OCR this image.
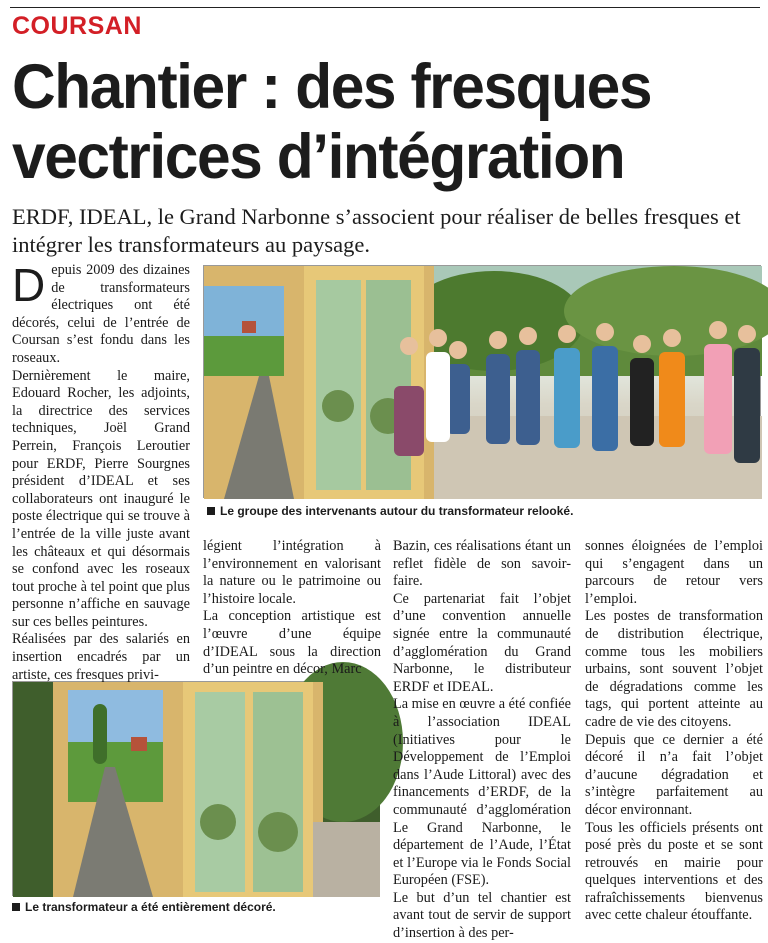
COURSAN
Chantier : des fresques vectrices d’intégration

ERDF, IDEAL, le Grand Narbonne s’associent pour réaliser de belles fresques et intégrer les transformateurs au paysage.

Le groupe des intervenants autour du transformateur relooké.
Le transformateur a été entièrement décoré.

Depuis 2009 des dizaines de transformateurs électriques ont été décorés, celui de l’entrée de Coursan s’est fondu dans les roseaux.

Dernièrement le maire, Edouard Rocher, les adjoints, la directrice des services techniques, Joël Grand Perrein, François Leroutier pour ERDF, Pierre Sourgnes président d’IDEAL et ses collaborateurs ont inauguré le poste électrique qui se trouve à l’entrée de la ville juste avant les châteaux et qui désormais se confond avec les roseaux tout proche à tel point que plus personne n’affiche en sauvage sur ces belles peintures.

Réalisées par des salariés en insertion encadrés par un artiste, ces fresques privi-

légient l’intégration à l’environnement en valorisant la nature ou le patrimoine ou l’histoire locale.

La conception artistique est l’œuvre d’une équipe d’IDEAL sous la direction d’un peintre en décor, Marc

Bazin, ces réalisations étant un reflet fidèle de son savoir-faire.

Ce partenariat fait l’objet d’une convention annuelle signée entre la communauté d’agglomération du Grand Narbonne, le distributeur ERDF et IDEAL.

La mise en œuvre a été confiée à l’association IDEAL (Initiatives pour le Développement de l’Emploi dans l’Aude Littoral) avec des financements d’ERDF, de la communauté d’agglomération Le Grand Narbonne, le département de l’Aude, l’État et l’Europe via le Fonds Social Européen (FSE).

Le but d’un tel chantier est avant tout de servir de support d’insertion à des per-

sonnes éloignées de l’emploi qui s’engagent dans un parcours de retour vers l’emploi.

Les postes de transformation de distribution électrique, comme tous les mobiliers urbains, sont souvent l’objet de dégradations comme les tags, qui portent atteinte au cadre de vie des citoyens.

Depuis que ce dernier a été décoré il n’a fait l’objet d’aucune dégradation et s’intègre parfaitement au décor environnant.

Tous les officiels présents ont posé près du poste et se sont retrouvés en mairie pour quelques interventions et des rafraîchissements bienvenus avec cette chaleur étouffante.
